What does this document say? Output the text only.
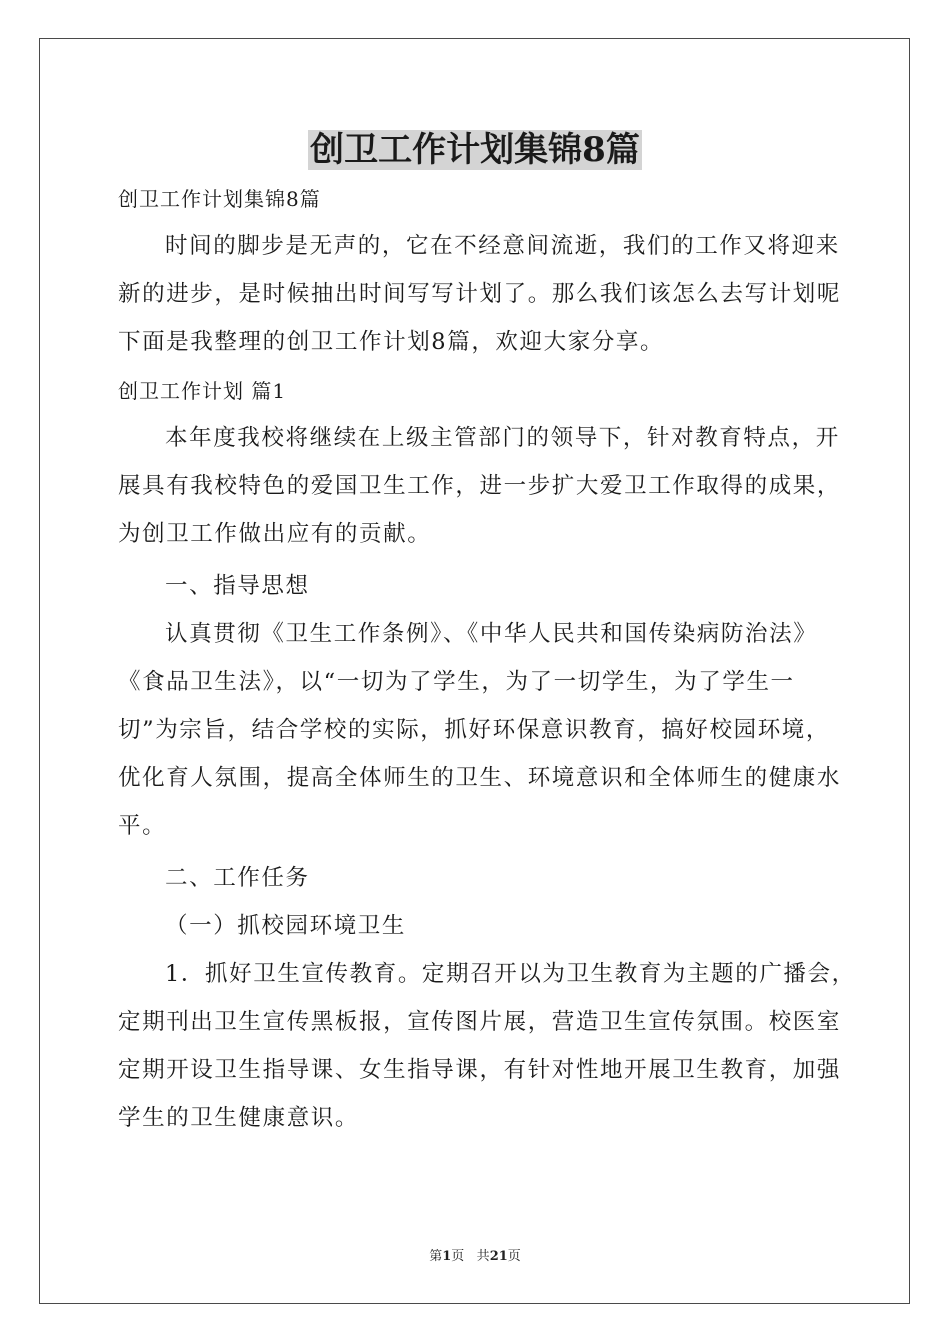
创卫工作计划集锦8篇
创卫工作计划集锦8篇
时间的脚步是无声的，它在不经意间流逝，我们的工作又将迎来
新的进步，是时候抽出时间写写计划了。那么我们该怎么去写计划呢
下面是我整理的创卫工作计划8篇，欢迎大家分享。
创卫工作计划 篇1
本年度我校将继续在上级主管部门的领导下，针对教育特点，开
展具有我校特色的爱国卫生工作，进一步扩大爱卫工作取得的成果，
为创卫工作做出应有的贡献。
一、指导思想
认真贯彻《卫生工作条例》、《中华人民共和国传染病防治法》
《食品卫生法》，以“一切为了学生，为了一切学生，为了学生一
切”为宗旨，结合学校的实际，抓好环保意识教育，搞好校园环境，
优化育人氛围，提高全体师生的卫生、环境意识和全体师生的健康水
平。
二、工作任务
（一）抓校园环境卫生
1．抓好卫生宣传教育。定期召开以为卫生教育为主题的广播会，
定期刊出卫生宣传黑板报，宣传图片展，营造卫生宣传氛围。校医室
定期开设卫生指导课、女生指导课，有针对性地开展卫生教育，加强
学生的卫生健康意识。
第1页 共21页
